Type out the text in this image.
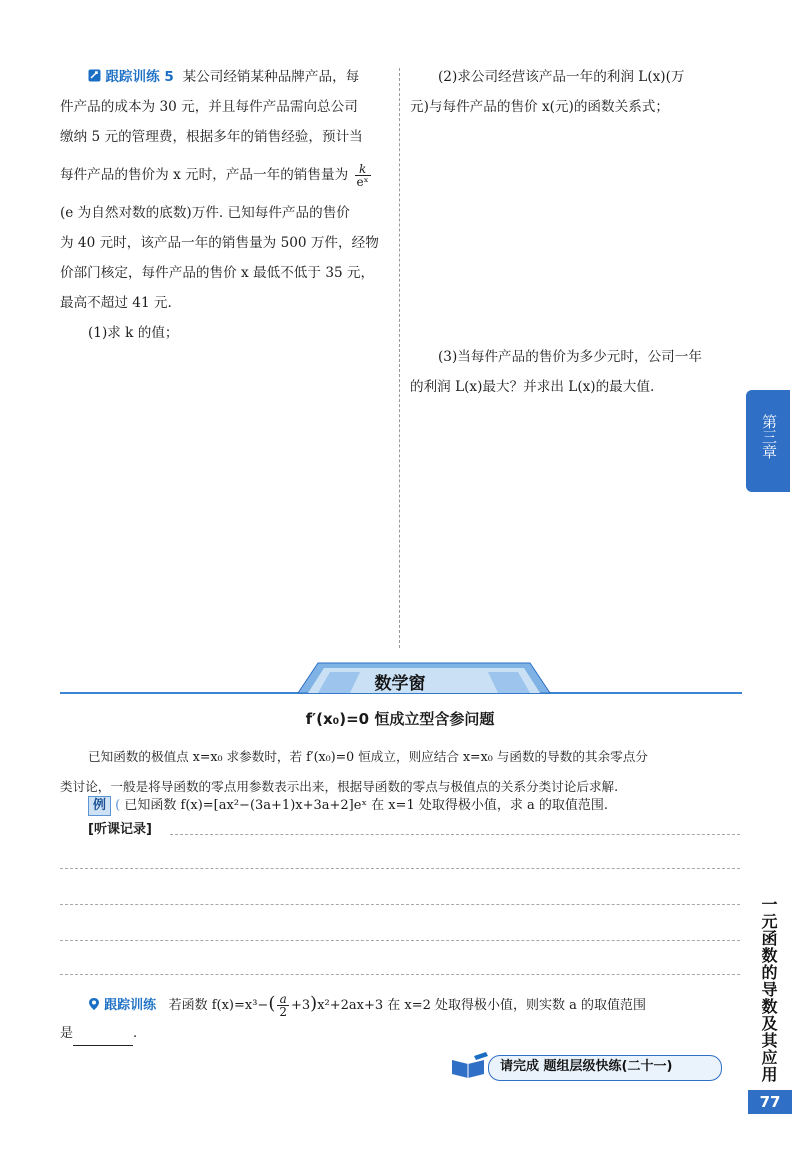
跟踪训练 5 某公司经销某种品牌产品，每
件产品的成本为 30 元，并且每件产品需向总公司
缴纳 5 元的管理费，根据多年的销售经验，预计当
每件产品的售价为 x 元时，产品一年的销售量为 $\frac{k}{\text{eˣ}}$
(e 为自然对数的底数)万件. 已知每件产品的售价
为 40 元时，该产品一年的销售量为 500 万件，经物
价部门核定，每件产品的售价 x 最低不低于 35 元，
最高不超过 41 元.
(1)求 k 的值；
(2)求公司经营该产品一年的利润 L(x)(万
元)与每件产品的售价 x(元)的函数关系式；
(3)当每件产品的售价为多少元时，公司一年
的利润 L(x)最大？并求出 L(x)的最大值.
第三章
一元函数的导数及其应用
77
数学窗
f′(x₀)=0 恒成立型含参问题
已知函数的极值点 x=x₀ 求参数时，若 f′(x₀)=0 恒成立，则应结合 x=x₀ 与函数的导数的其余零点分
类讨论，一般是将导函数的零点用参数表示出来，根据导函数的零点与极值点的关系分类讨论后求解.
例 ( 已知函数 f(x)=[ax²−(3a+1)x+3a+2]eˣ 在 x=1 处取得极小值，求 a 的取值范围.
[听课记录]
跟踪训练 若函数 $f(x)=x^3-( \frac{a}{2} +3)x^2+2ax+3$ 在 x=2 处取得极小值，则实数 a 的取值范围
是	.
请完成 题组层级快练(二十一)
